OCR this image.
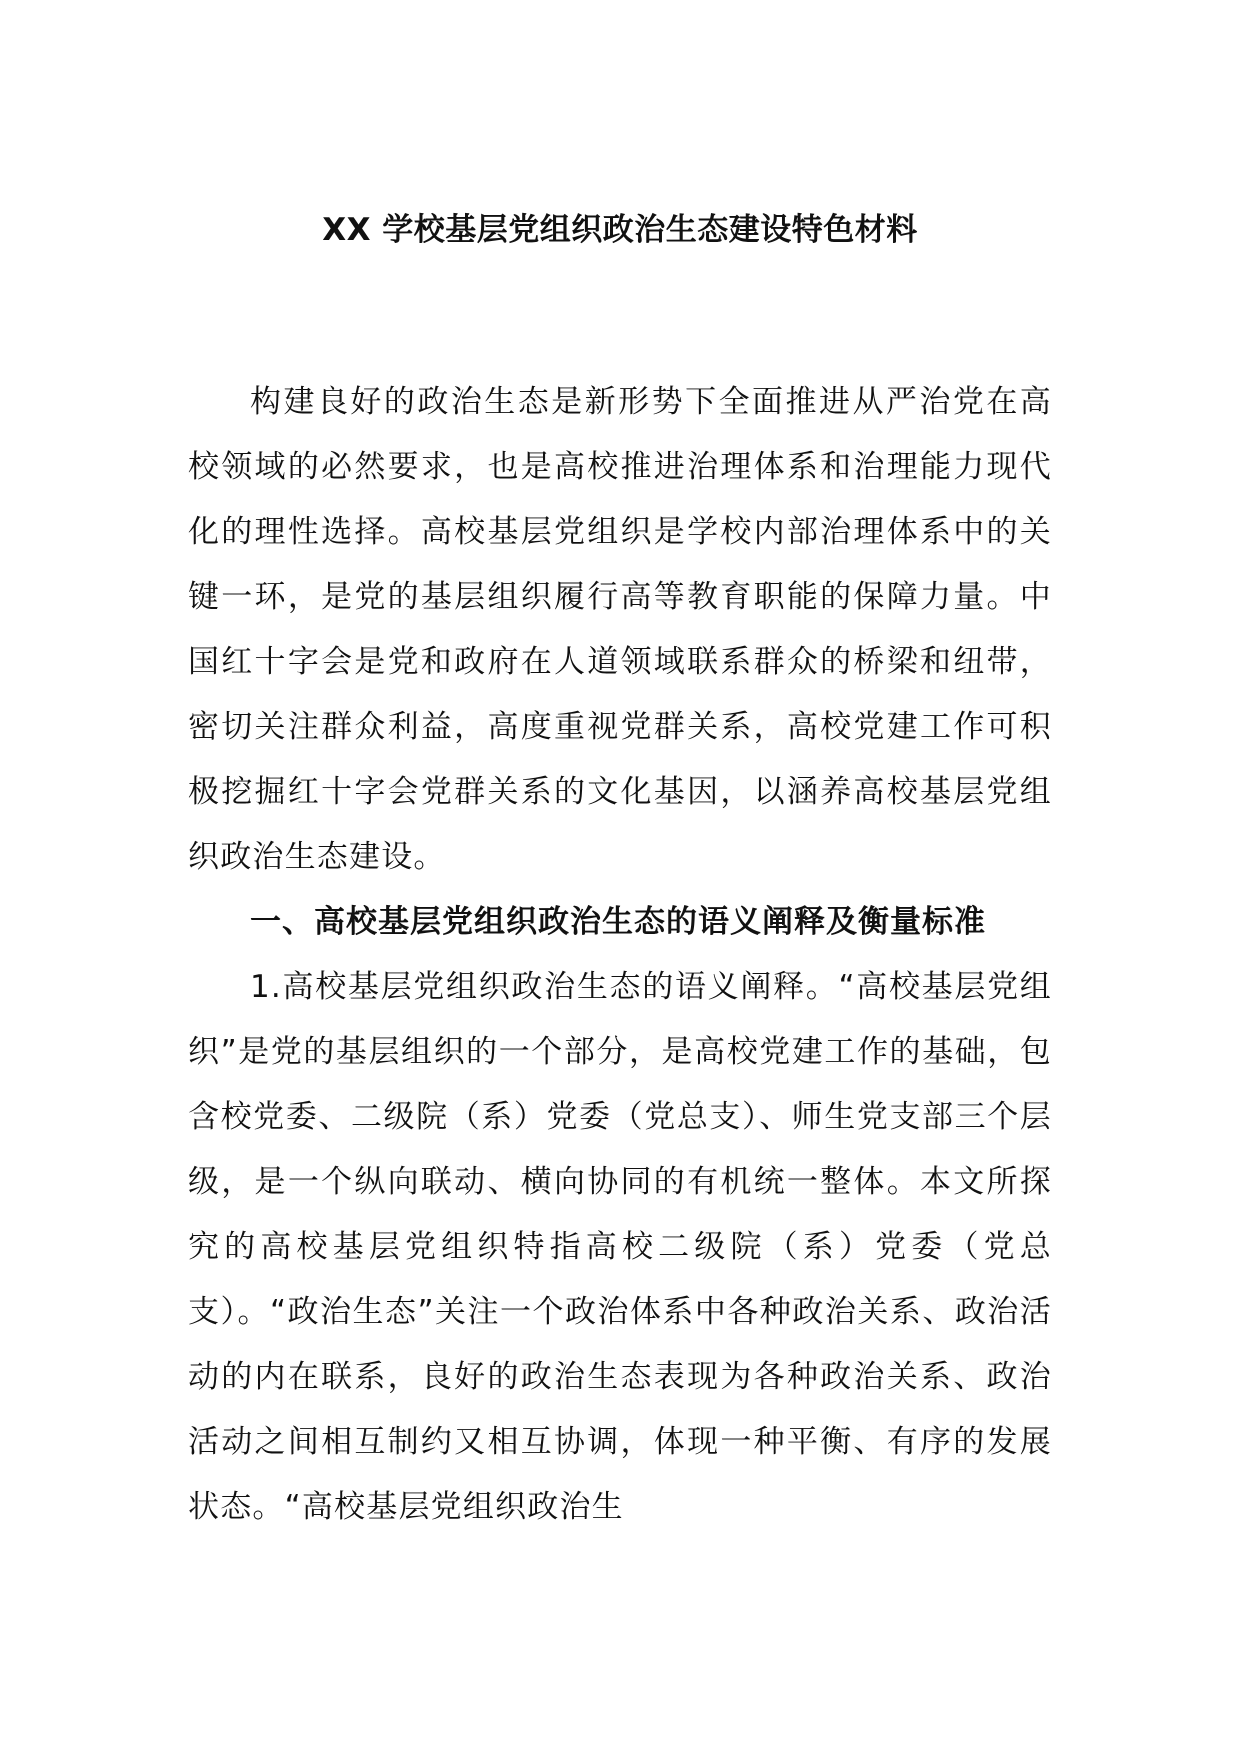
XX 学校基层党组织政治生态建设特色材料

构建良好的政治生态是新形势下全面推进从严治党在高校领域的必然要求，也是高校推进治理体系和治理能力现代化的理性选择。高校基层党组织是学校内部治理体系中的关键一环，是党的基层组织履行高等教育职能的保障力量。中国红十字会是党和政府在人道领域联系群众的桥梁和纽带，密切关注群众利益，高度重视党群关系，高校党建工作可积极挖掘红十字会党群关系的文化基因，以涵养高校基层党组织政治生态建设。

一、高校基层党组织政治生态的语义阐释及衡量标准

1.高校基层党组织政治生态的语义阐释。“高校基层党组织”是党的基层组织的一个部分，是高校党建工作的基础，包含校党委、二级院（系）党委（党总支）、师生党支部三个层级，是一个纵向联动、横向协同的有机统一整体。本文所探究的高校基层党组织特指高校二级院（系）党委（党总支）。“政治生态”关注一个政治体系中各种政治关系、政治活动的内在联系，良好的政治生态表现为各种政治关系、政治活动之间相互制约又相互协调，体现一种平衡、有序的发展状态。“高校基层党组织政治生
